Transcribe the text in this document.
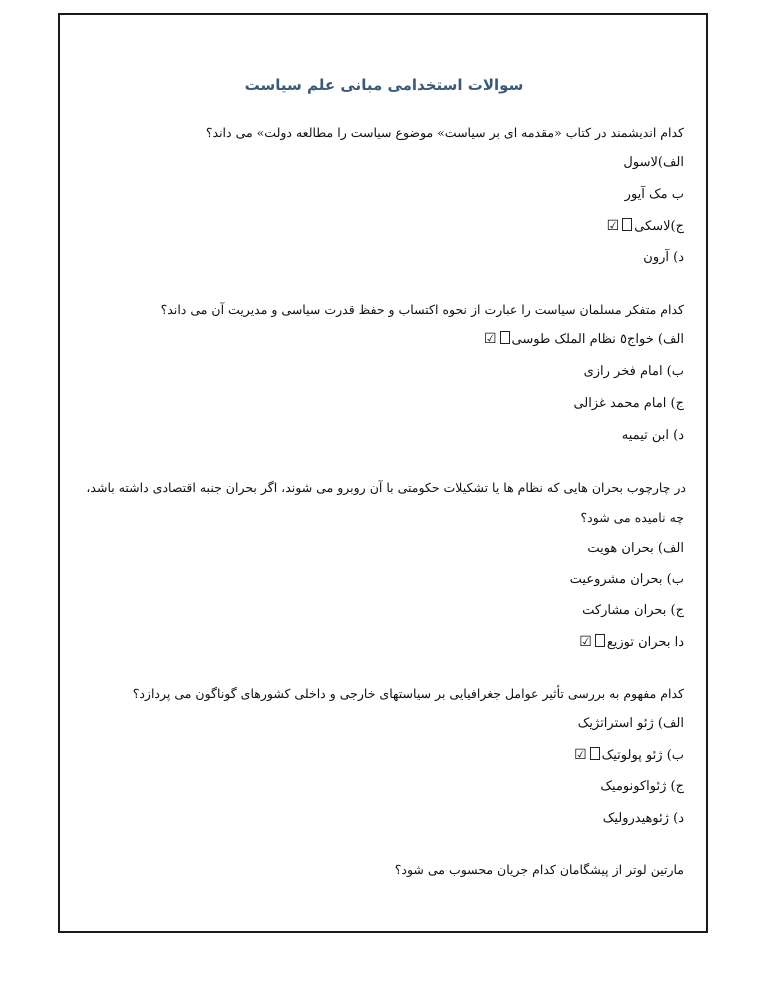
سوالات استخدامی مبانی علم سیاست
کدام اندیشمند در کتاب «مقدمه ای بر سیاست» موضوع سیاست را مطالعه دولت» می داند؟
الف)لاسول
ب مک آیور
ج)لاسکی☑
د) آرون
کدام متفکر مسلمان سیاست را عبارت از نحوه اکتساب و حفظ قدرت سیاسی و مدیریت آن می داند؟
الف) خواج٥ نظام الملک طوسی☑
ب) امام فخر رازی
ج) امام محمد غزالی
د) ابن تیمیه
در چارچوب بحران هایی که نظام ها یا تشکیلات حکومتی با آن روبرو می شوند، اگر بحران جنبه اقتصادی داشته باشد،
چه نامیده می شود؟
الف) بحران هویت
ب) بحران مشروعیت
ج) بحران مشارکت
دا بحران توزیع☑
کدام مفهوم به بررسی تأثیر عوامل جغرافیایی بر سیاستهای خارجی و داخلی کشورهای گوناگون می پردازد؟
الف) ژئو استراتژیک
ب) ژئو پولوتیک☑
ج) ژئواکونومیک
د) ژئوهیدرولیک
مارتین لوتر از پیشگامان کدام جریان محسوب می شود؟
